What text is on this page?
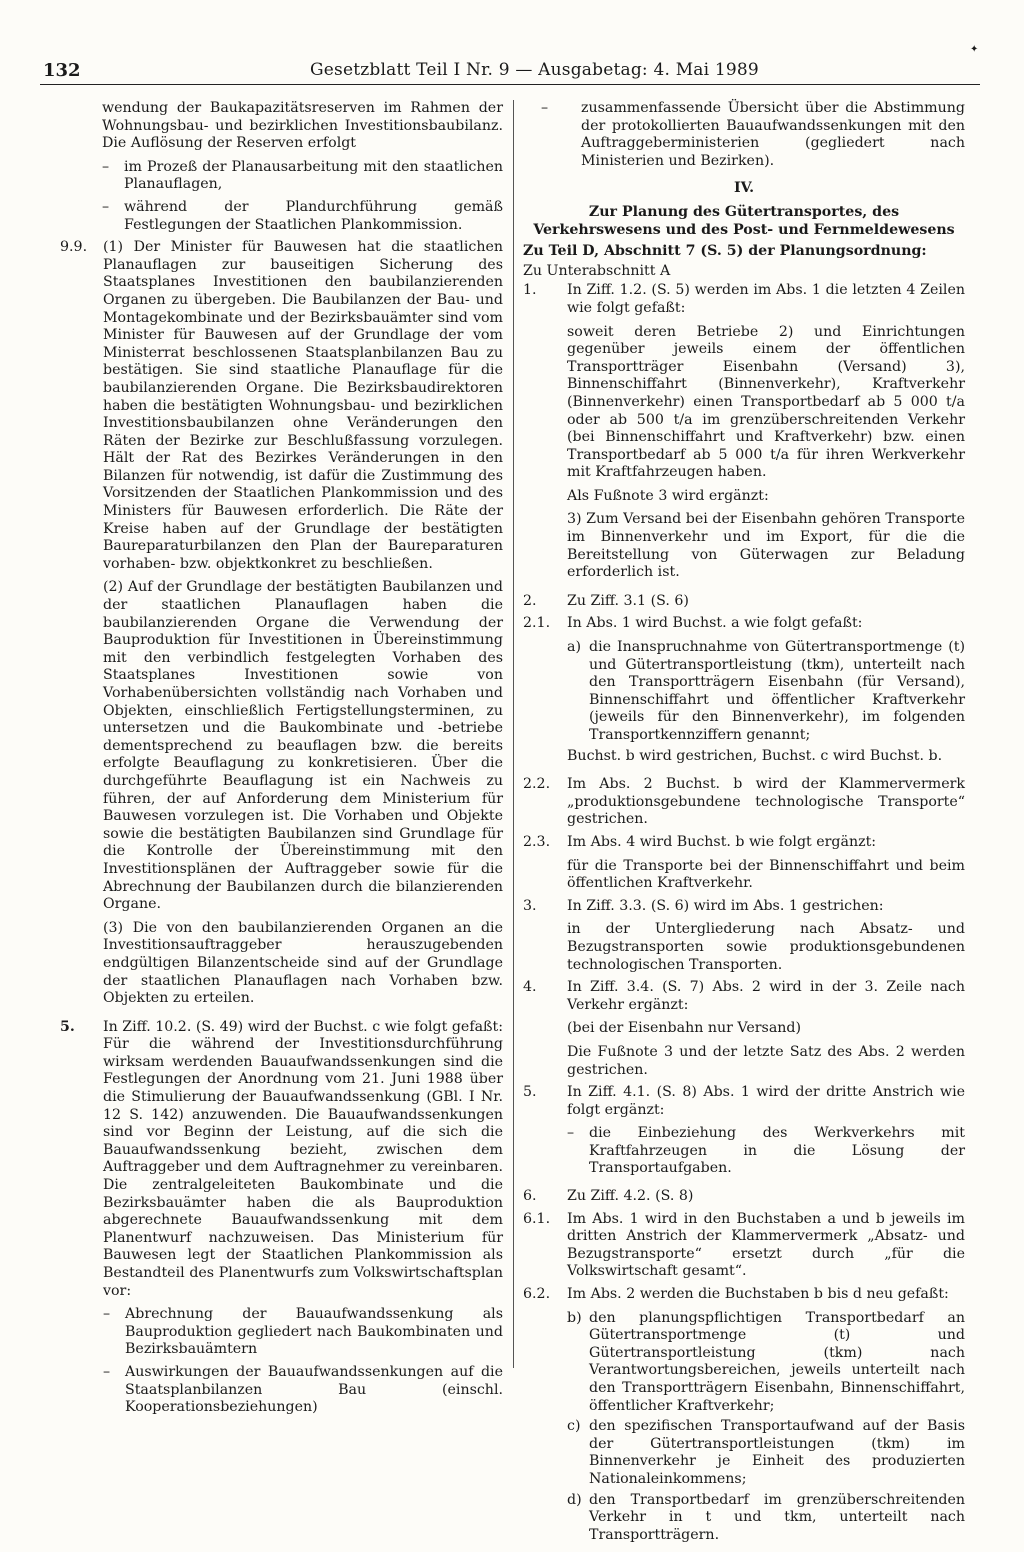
✦
132	Gesetzblatt Teil I Nr. 9 — Ausgabetag: 4. Mai 1989
wendung der Baukapazitätsreserven im Rahmen der Wohnungsbau- und bezirklichen Investitionsbaubilanz. Die Auflösung der Reserven erfolgt
–	im Prozeß der Planausarbeitung mit den staatlichen Planauflagen,
–	während der Plandurchführung gemäß Festlegungen der Staatlichen Plankommission.
9.9.	(1) Der Minister für Bauwesen hat die staatlichen Planauflagen zur bauseitigen Sicherung des Staatsplanes Investitionen den baubilanzierenden Organen zu übergeben. Die Baubilanzen der Bau- und Montagekombinate und der Bezirksbauämter sind vom Minister für Bauwesen auf der Grundlage der vom Ministerrat beschlossenen Staatsplanbilanzen Bau zu bestätigen. Sie sind staatliche Planauflage für die baubilanzierenden Organe. Die Bezirksbaudirektoren haben die bestätigten Wohnungsbau- und bezirklichen Investitionsbaubilanzen ohne Veränderungen den Räten der Bezirke zur Beschlußfassung vorzulegen. Hält der Rat des Bezirkes Veränderungen in den Bilanzen für notwendig, ist dafür die Zustimmung des Vorsitzenden der Staatlichen Plankommission und des Ministers für Bauwesen erforderlich. Die Räte der Kreise haben auf der Grundlage der bestätigten Baureparaturbilanzen den Plan der Baureparaturen vorhaben- bzw. objektkonkret zu beschließen.
(2) Auf der Grundlage der bestätigten Baubilanzen und der staatlichen Planauflagen haben die baubilanzierenden Organe die Verwendung der Bauproduktion für Investitionen in Übereinstimmung mit den verbindlich festgelegten Vorhaben des Staatsplanes Investitionen sowie von Vorhabenübersichten vollständig nach Vorhaben und Objekten, einschließlich Fertigstellungsterminen, zu untersetzen und die Baukombinate und -betriebe dementsprechend zu beauflagen bzw. die bereits erfolgte Beauflagung zu konkretisieren. Über die durchgeführte Beauflagung ist ein Nachweis zu führen, der auf Anforderung dem Ministerium für Bauwesen vorzulegen ist. Die Vorhaben und Objekte sowie die bestätigten Baubilanzen sind Grundlage für die Kontrolle der Übereinstimmung mit den Investitionsplänen der Auftraggeber sowie für die Abrechnung der Baubilanzen durch die bilanzierenden Organe.
(3) Die von den baubilanzierenden Organen an die Investitionsauftraggeber herauszugebenden endgültigen Bilanzentscheide sind auf der Grundlage der staatlichen Planauflagen nach Vorhaben bzw. Objekten zu erteilen.
5.	In Ziff. 10.2. (S. 49) wird der Buchst. c wie folgt gefaßt: Für die während der Investitionsdurchführung wirksam werdenden Bauaufwandssenkungen sind die Festlegungen der Anordnung vom 21. Juni 1988 über die Stimulierung der Bauaufwandssenkung (GBl. I Nr. 12 S. 142) anzuwenden. Die Bauaufwandssenkungen sind vor Beginn der Leistung, auf die sich die Bauaufwandssenkung bezieht, zwischen dem Auftraggeber und dem Auftragnehmer zu vereinbaren. Die zentralgeleiteten Baukombinate und die Bezirksbauämter haben die als Bauproduktion abgerechnete Bauaufwandssenkung mit dem Planentwurf nachzuweisen. Das Ministerium für Bauwesen legt der Staatlichen Plankommission als Bestandteil des Planentwurfs zum Volkswirtschaftsplan vor:
–	Abrechnung der Bauaufwandssenkung als Bauproduktion gegliedert nach Baukombinaten und Bezirksbauämtern
–	Auswirkungen der Bauaufwandssenkungen auf die Staatsplanbilanzen Bau (einschl. Kooperationsbeziehungen)
–	zusammenfassende Übersicht über die Abstimmung der protokollierten Bauaufwandssenkungen mit den Auftraggeberministerien (gegliedert nach Ministerien und Bezirken).
IV.
Zur Planung des Gütertransportes, des Verkehrswesens und des Post- und Fernmeldewesens
Zu Teil D, Abschnitt 7 (S. 5) der Planungsordnung:
Zu Unterabschnitt A
1.	In Ziff. 1.2. (S. 5) werden im Abs. 1 die letzten 4 Zeilen wie folgt gefaßt:
soweit deren Betriebe 2) und Einrichtungen gegenüber jeweils einem der öffentlichen Transportträger Eisenbahn (Versand) 3), Binnenschiffahrt (Binnenverkehr), Kraftverkehr (Binnenverkehr) einen Transportbedarf ab 5 000 t/a oder ab 500 t/a im grenzüberschreitenden Verkehr (bei Binnenschiffahrt und Kraftverkehr) bzw. einen Transportbedarf ab 5 000 t/a für ihren Werkverkehr mit Kraftfahrzeugen haben.
Als Fußnote 3 wird ergänzt:
3) Zum Versand bei der Eisenbahn gehören Transporte im Binnenverkehr und im Export, für die die Bereitstellung von Güterwagen zur Beladung erforderlich ist.
2.	Zu Ziff. 3.1 (S. 6)
2.1.	In Abs. 1 wird Buchst. a wie folgt gefaßt:
a) die Inanspruchnahme von Gütertransportmenge (t) und Gütertransportleistung (tkm), unterteilt nach den Transportträgern Eisenbahn (für Versand), Binnenschiffahrt und öffentlicher Kraftverkehr (jeweils für den Binnenverkehr), im folgenden Transportkennziffern genannt;
Buchst. b wird gestrichen, Buchst. c wird Buchst. b.
2.2.	Im Abs. 2 Buchst. b wird der Klammervermerk „produktionsgebundene technologische Transporte“ gestrichen.
2.3.	Im Abs. 4 wird Buchst. b wie folgt ergänzt:
für die Transporte bei der Binnenschiffahrt und beim öffentlichen Kraftverkehr.
3.	In Ziff. 3.3. (S. 6) wird im Abs. 1 gestrichen:
in der Untergliederung nach Absatz- und Bezugstransporten sowie produktionsgebundenen technologischen Transporten.
4.	In Ziff. 3.4. (S. 7) Abs. 2 wird in der 3. Zeile nach Verkehr ergänzt:
(bei der Eisenbahn nur Versand)
Die Fußnote 3 und der letzte Satz des Abs. 2 werden gestrichen.
5.	In Ziff. 4.1. (S. 8) Abs. 1 wird der dritte Anstrich wie folgt ergänzt:
–	die Einbeziehung des Werkverkehrs mit Kraftfahrzeugen in die Lösung der Transportaufgaben.
6.	Zu Ziff. 4.2. (S. 8)
6.1.	Im Abs. 1 wird in den Buchstaben a und b jeweils im dritten Anstrich der Klammervermerk „Absatz- und Bezugstransporte“ ersetzt durch „für die Volkswirtschaft gesamt“.
6.2.	Im Abs. 2 werden die Buchstaben b bis d neu gefaßt:
b) den planungspflichtigen Transportbedarf an Gütertransportmenge (t) und Gütertransportleistung (tkm) nach Verantwortungsbereichen, jeweils unterteilt nach den Transportträgern Eisenbahn, Binnenschiffahrt, öffentlicher Kraftverkehr;
c) den spezifischen Transportaufwand auf der Basis der Gütertransportleistungen (tkm) im Binnenverkehr je Einheit des produzierten Nationaleinkommens;
d) den Transportbedarf im grenzüberschreitenden Verkehr in t und tkm, unterteilt nach Transportträgern.
